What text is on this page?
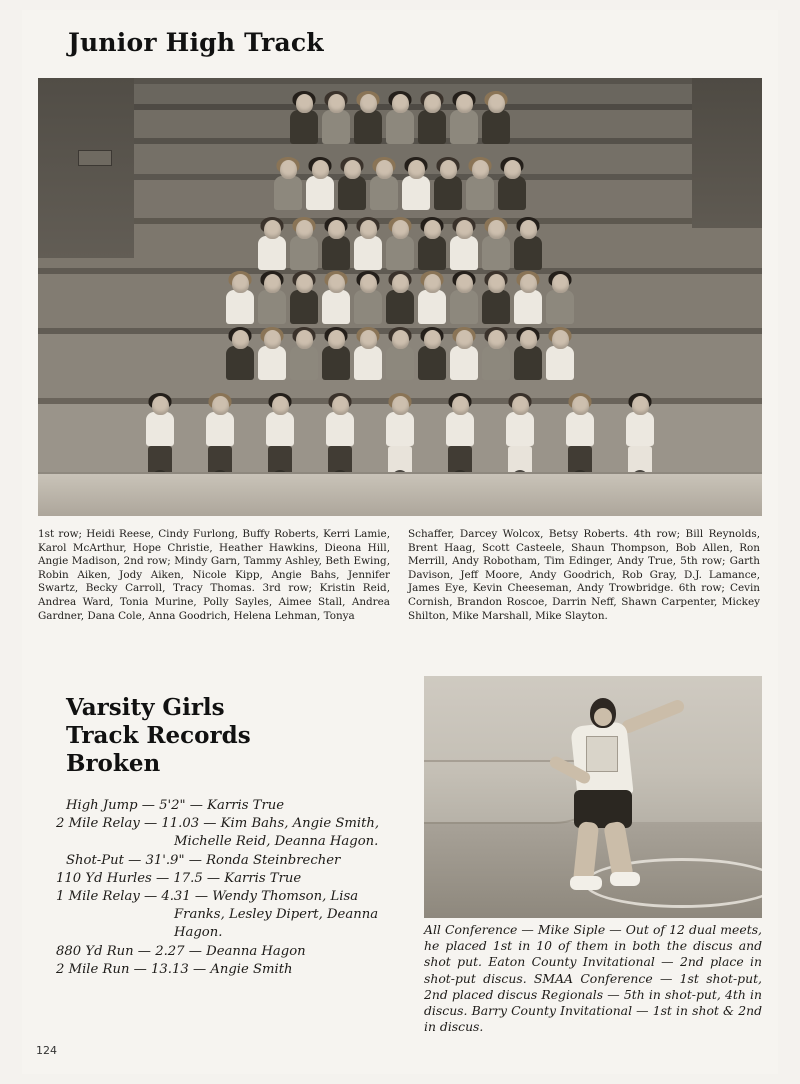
Junior High Track
1st row; Heidi Reese, Cindy Furlong, Buffy Roberts, Kerri Lamie, Karol McArthur, Hope Christie, Heather Hawkins, Dieona Hill, Angie Madison, 2nd row; Mindy Garn, Tammy Ashley, Beth Ewing, Robin Aiken, Jody Aiken, Nicole Kipp, Angie Bahs, Jennifer Swartz, Becky Carroll, Tracy Thomas. 3rd row; Kristin Reid, Andrea Ward, Tonia Murine, Polly Sayles, Aimee Stall, Andrea Gardner, Dana Cole, Anna Goodrich, Helena Lehman, Tonya
Schaffer, Darcey Wolcox, Betsy Roberts. 4th row; Bill Reynolds, Brent Haag, Scott Casteele, Shaun Thompson, Bob Allen, Ron Merrill, Andy Robotham, Tim Edinger, Andy True, 5th row; Garth Davison, Jeff Moore, Andy Goodrich, Rob Gray, D.J. Lamance, James Eye, Kevin Cheeseman, Andy Trowbridge. 6th row; Cevin Cornish, Brandon Roscoe, Darrin Neff, Shawn Carpenter, Mickey Shilton, Mike Marshall, Mike Slayton.
Varsity Girls
Track Records
Broken
High Jump — 5'2" — Karris True
2 Mile Relay — 11.03 — Kim Bahs, Angie Smith,
Michelle Reid, Deanna Hagon.
Shot-Put — 31'.9" — Ronda Steinbrecher
110 Yd Hurles — 17.5 — Karris True
1 Mile Relay — 4.31 — Wendy Thomson, Lisa
Franks, Lesley Dipert, Deanna Hagon.
880 Yd Run — 2.27 — Deanna Hagon
2 Mile Run — 13.13 — Angie Smith
All Conference — Mike Siple — Out of 12 dual meets, he placed 1st in 10 of them in both the discus and shot put. Eaton County Invitational — 2nd place in shot-put discus. SMAA Conference — 1st shot-put, 2nd placed discus Regionals — 5th in shot-put, 4th in discus. Barry County Invitational — 1st in shot & 2nd in discus.
124
